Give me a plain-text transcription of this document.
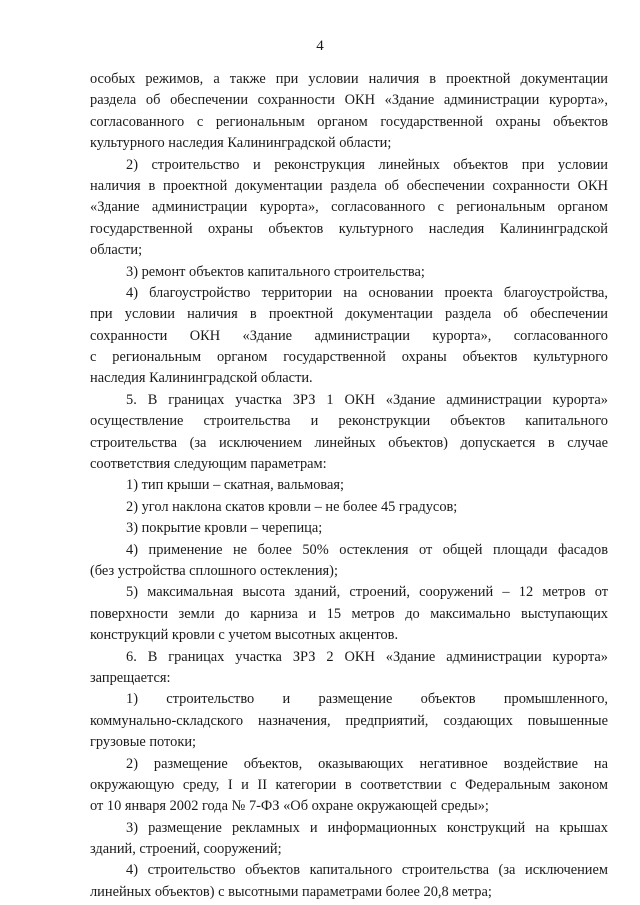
4
особых режимов, а также при условии наличия в проектной документации
раздела об обеспечении сохранности ОКН «Здание администрации курорта»,
согласованного с региональным органом государственной охраны объектов
культурного наследия Калининградской области;
2) строительство и реконструкция линейных объектов при условии
наличия в проектной документации раздела об обеспечении сохранности ОКН
«Здание администрации курорта», согласованного с региональным органом
государственной охраны объектов культурного наследия Калининградской
области;
3) ремонт объектов капитального строительства;
4) благоустройство территории на основании проекта благоустройства,
при условии наличия в проектной документации раздела об обеспечении
сохранности ОКН «Здание администрации курорта», согласованного
с региональным органом государственной охраны объектов культурного
наследия Калининградской области.
5. В границах участка ЗРЗ 1 ОКН «Здание администрации курорта»
осуществление строительства и реконструкции объектов капитального
строительства (за исключением линейных объектов) допускается в случае
соответствия следующим параметрам:
1) тип крыши – скатная, вальмовая;
2) угол наклона скатов кровли – не более 45 градусов;
3) покрытие кровли – черепица;
4) применение не более 50% остекления от общей площади фасадов
(без устройства сплошного остекления);
5) максимальная высота зданий, строений, сооружений – 12 метров от
поверхности земли до карниза и 15 метров до максимально выступающих
конструкций кровли с учетом высотных акцентов.
6. В границах участка ЗРЗ 2 ОКН «Здание администрации курорта»
запрещается:
1) строительство и размещение объектов промышленного,
коммунально-складского назначения, предприятий, создающих повышенные
грузовые потоки;
2) размещение объектов, оказывающих негативное воздействие на
окружающую среду, I и II категории в соответствии с Федеральным законом
от 10 января 2002 года № 7-ФЗ «Об охране окружающей среды»;
3) размещение рекламных и информационных конструкций на крышах
зданий, строений, сооружений;
4) строительство объектов капитального строительства (за исключением
линейных объектов) с высотными параметрами более 20,8 метра;
